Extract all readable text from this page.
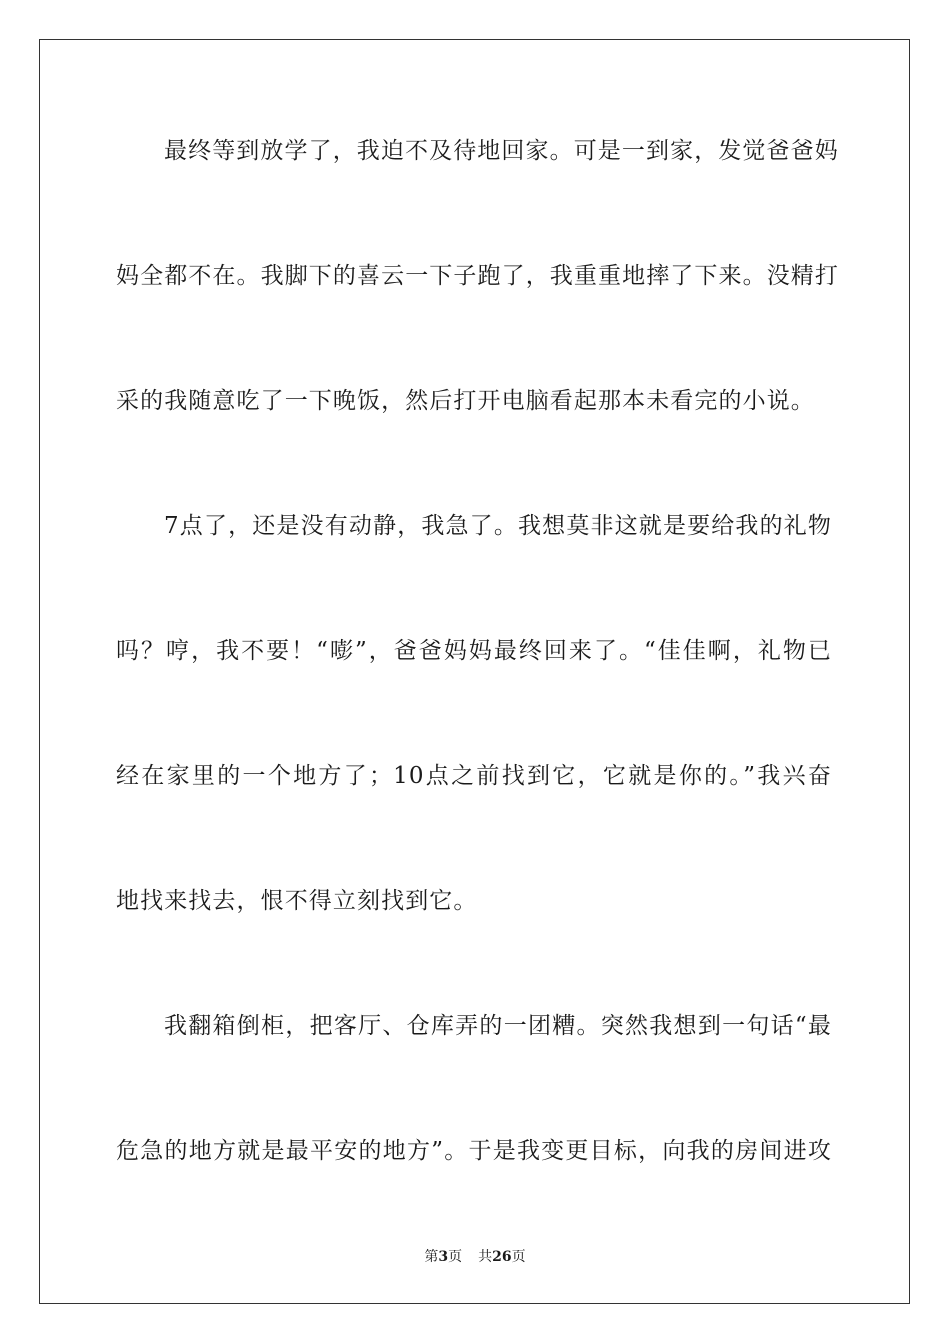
最终等到放学了，我迫不及待地回家。可是一到家，发觉爸爸妈
妈全都不在。我脚下的喜云一下子跑了，我重重地摔了下来。没精打
采的我随意吃了一下晚饭，然后打开电脑看起那本未看完的小说。
7点了，还是没有动静，我急了。我想莫非这就是要给我的礼物
吗？哼，我不要！“嘭”，爸爸妈妈最终回来了。“佳佳啊，礼物已
经在家里的一个地方了；10点之前找到它，它就是你的。”我兴奋
地找来找去，恨不得立刻找到它。
我翻箱倒柜，把客厅、仓库弄的一团糟。突然我想到一句话“最
危急的地方就是最平安的地方”。于是我变更目标，向我的房间进攻
第3页 共26页
